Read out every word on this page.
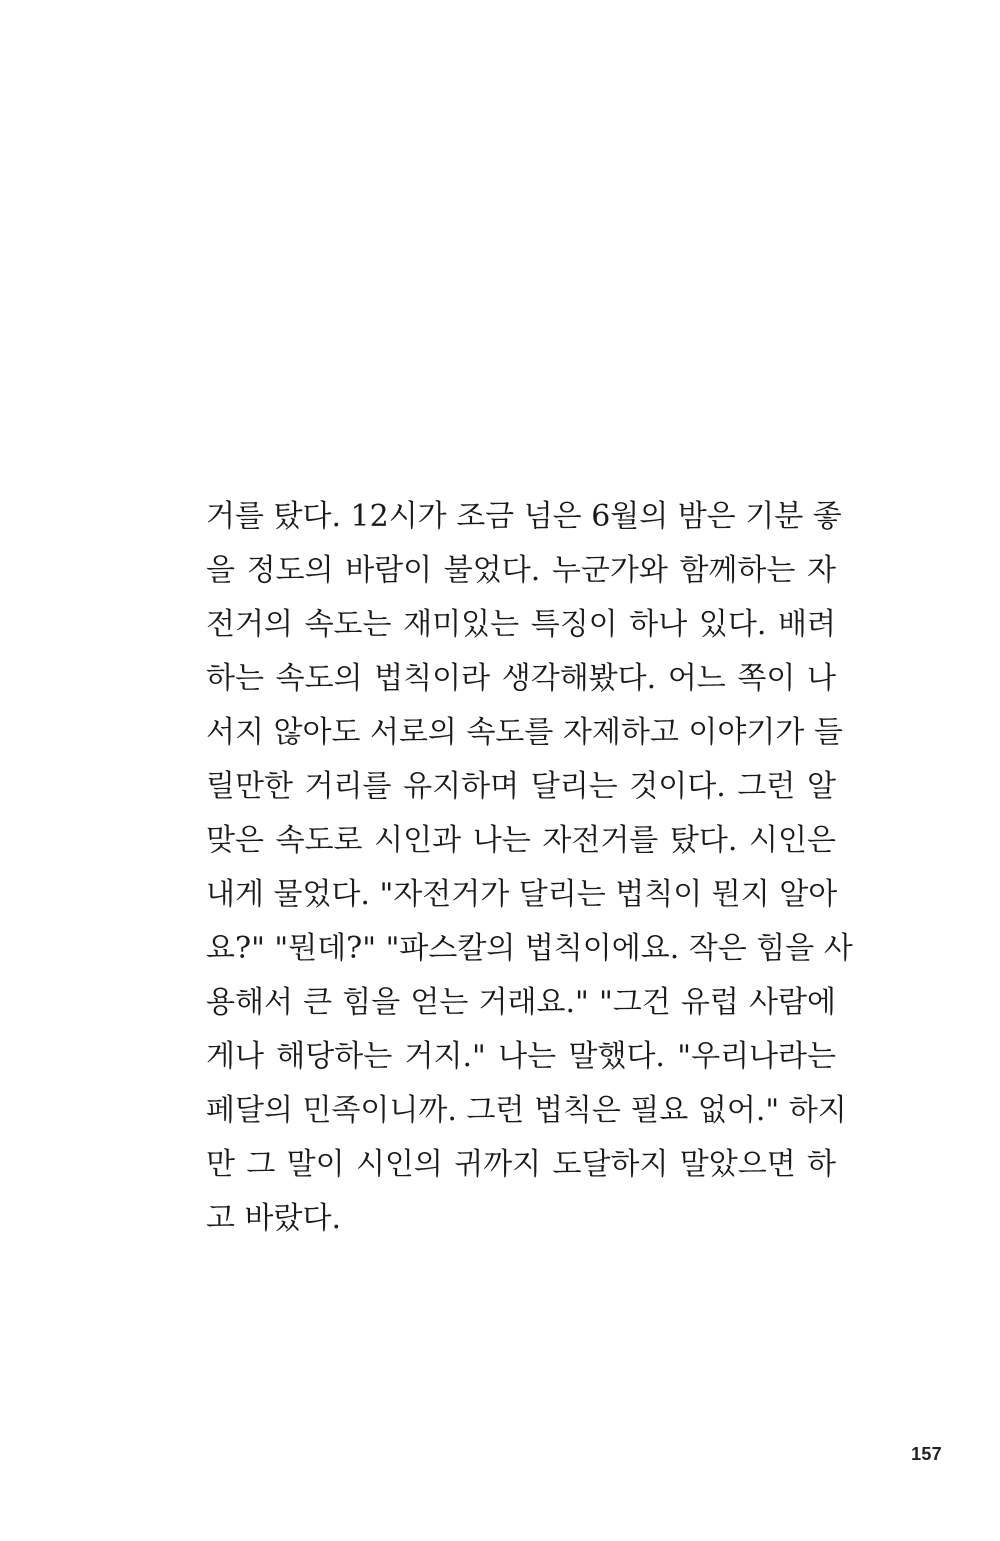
거를 탔다. 12시가 조금 넘은 6월의 밤은 기분 좋
을 정도의 바람이 불었다. 누군가와 함께하는 자
전거의 속도는 재미있는 특징이 하나 있다. 배려
하는 속도의 법칙이라 생각해봤다. 어느 쪽이 나
서지 않아도 서로의 속도를 자제하고 이야기가 들
릴만한 거리를 유지하며 달리는 것이다. 그런 알
맞은 속도로 시인과 나는 자전거를 탔다. 시인은
내게 물었다. "자전거가 달리는 법칙이 뭔지 알아
요?" "뭔데?" "파스칼의 법칙이에요. 작은 힘을 사
용해서 큰 힘을 얻는 거래요." "그건 유럽 사람에
게나 해당하는 거지." 나는 말했다. "우리나라는
페달의 민족이니까. 그런 법칙은 필요 없어." 하지
만 그 말이 시인의 귀까지 도달하지 말았으면 하
고 바랐다.
157
